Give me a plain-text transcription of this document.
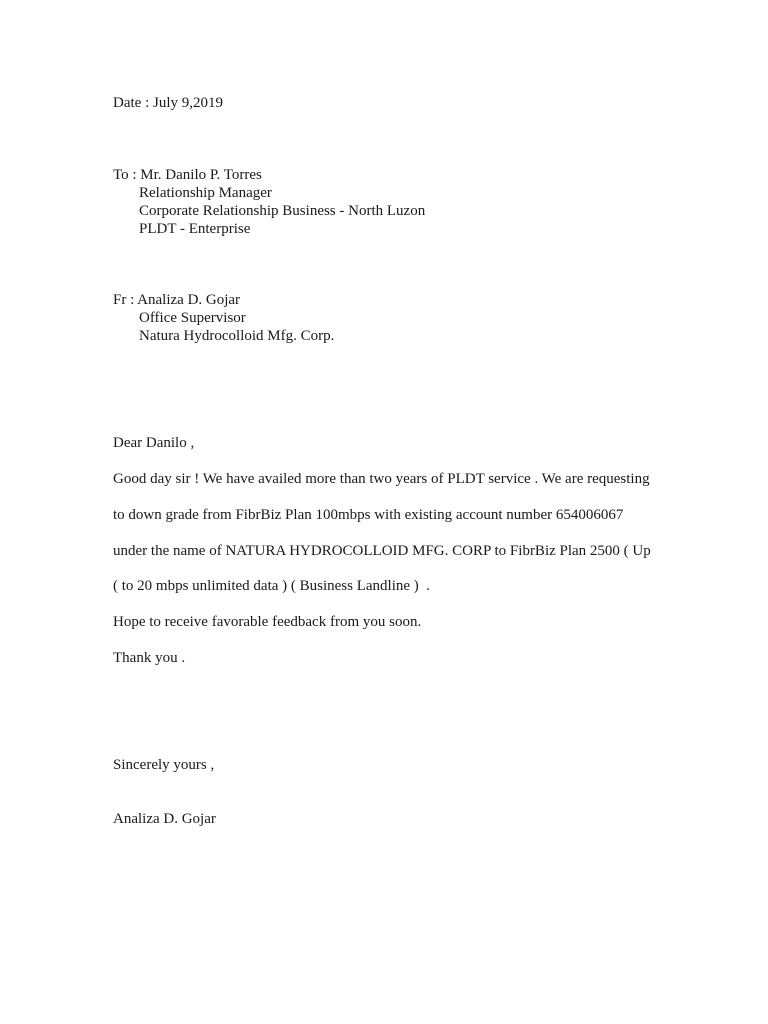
Date : July 9,2019
To : Mr. Danilo P. Torres
Relationship Manager
Corporate Relationship Business - North Luzon
PLDT - Enterprise
Fr : Analiza D. Gojar
Office Supervisor
Natura Hydrocolloid Mfg. Corp.
Dear Danilo ,
Good day sir ! We have availed more than two years of PLDT service . We are requesting
to down grade from FibrBiz Plan 100mbps with existing account number 654006067
under the name of NATURA HYDROCOLLOID MFG. CORP to FibrBiz Plan 2500 ( Up
( to 20 mbps unlimited data ) ( Business Landline )  .
Hope to receive favorable feedback from you soon.
Thank you .
Sincerely yours ,
Analiza D. Gojar
